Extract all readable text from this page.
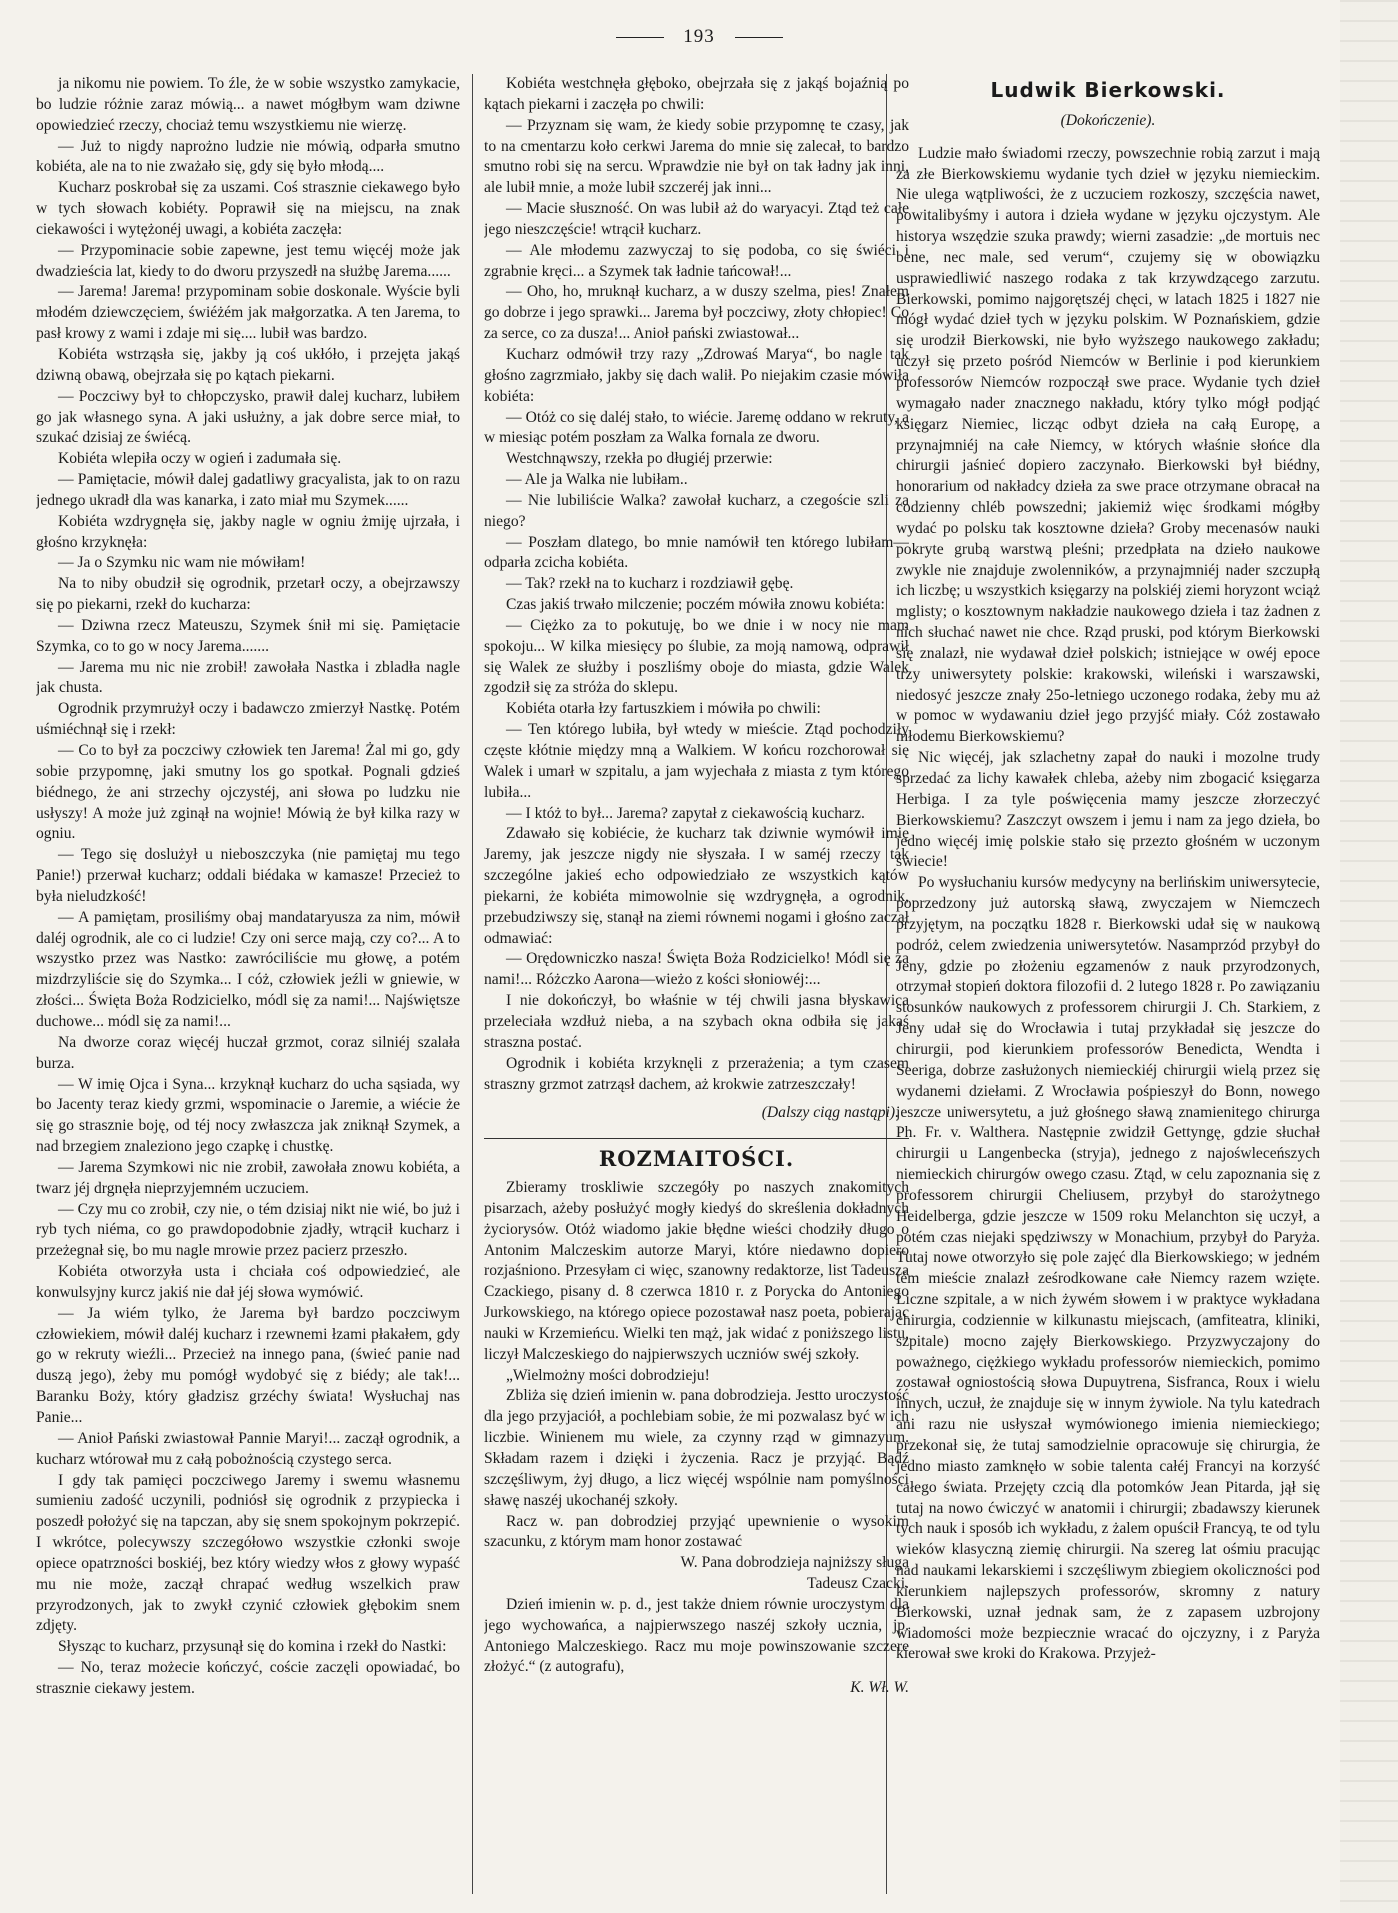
193

ja nikomu nie powiem. To źle, że w sobie wszystko zamykacie, bo ludzie różnie zaraz mówią... a nawet mógłbym wam dziwne opowiedzieć rzeczy, chociaż temu wszystkiemu nie wierzę.

— Już to nigdy naprożno ludzie nie mówią, odparła smutno kobiéta, ale na to nie zważało się, gdy się było młodą....

Kucharz poskrobał się za uszami. Coś strasznie ciekawego było w tych słowach kobiéty. Poprawił się na miejscu, na znak ciekawości i wytężonéj uwagi, a kobiéta zaczęła:

— Przypominacie sobie zapewne, jest temu więcéj może jak dwadzieścia lat, kiedy to do dworu przyszedł na służbę Jarema......

— Jarema! Jarema! przypominam sobie doskonale. Wyście byli młodém dziewczęciem, świéżém jak małgorzatka. A ten Jarema, to pasł krowy z wami i zdaje mi się.... lubił was bardzo.

Kobiéta wstrząsła się, jakby ją coś ukłóło, i przejęta jakąś dziwną obawą, obejrzała się po kątach piekarni.

— Poczciwy był to chłopczysko, prawił dalej kucharz, lubiłem go jak własnego syna. A jaki usłużny, a jak dobre serce miał, to szukać dzisiaj ze świécą.

Kobiéta wlepiła oczy w ogień i zadumała się.

— Pamiętacie, mówił dalej gadatliwy gracyalista, jak to on razu jednego ukradł dla was kanarka, i zato miał mu Szymek......

Kobiéta wzdrygnęła się, jakby nagle w ogniu żmiję ujrzała, i głośno krzyknęła:

— Ja o Szymku nic wam nie mówiłam!

Na to niby obudził się ogrodnik, przetarł oczy, a obejrzawszy się po piekarni, rzekł do kucharza:

— Dziwna rzecz Mateuszu, Szymek śnił mi się. Pamiętacie Szymka, co to go w nocy Jarema.......

— Jarema mu nic nie zrobił! zawołała Nastka i zbladła nagle jak chusta.

Ogrodnik przymrużył oczy i badawczo zmierzył Nastkę. Potém uśmiéchnął się i rzekł:

— Co to był za poczciwy człowiek ten Jarema! Żal mi go, gdy sobie przypomnę, jaki smutny los go spotkał. Pognali gdzieś biédnego, że ani strzechy ojczystéj, ani słowa po ludzku nie usłyszy! A może już zginął na wojnie! Mówią że był kilka razy w ogniu.

— Tego się doslużył u nieboszczyka (nie pamiętaj mu tego Panie!) przerwał kucharz; oddali biédaka w kamasze! Przecież to była nieludzkość!

— A pamiętam, prosiliśmy obaj mandataryusza za nim, mówił daléj ogrodnik, ale co ci ludzie! Czy oni serce mają, czy co?... A to wszystko przez was Nastko: zawróciliście mu głowę, a potém mizdrzyliście się do Szymka... I cóż, człowiek jeźli w gniewie, w złości... Święta Boża Rodzicielko, módl się za nami!... Najświętsze duchowe... módl się za nami!...

Na dworze coraz więcéj huczał grzmot, coraz silniéj szalała burza.

— W imię Ojca i Syna... krzyknął kucharz do ucha sąsiada, wy bo Jacenty teraz kiedy grzmi, wspominacie o Jaremie, a wiécie że się go strasznie boję, od téj nocy zwłaszcza jak zniknął Szymek, a nad brzegiem znaleziono jego czapkę i chustkę.

— Jarema Szymkowi nic nie zrobił, zawołała znowu kobiéta, a twarz jéj drgnęła nieprzyjemném uczuciem.

— Czy mu co zrobił, czy nie, o tém dzisiaj nikt nie wié, bo już i ryb tych niéma, co go prawdopodobnie zjadły, wtrącił kucharz i przeżegnał się, bo mu nagle mrowie przez pacierz przeszło.

Kobiéta otworzyła usta i chciała coś odpowiedzieć, ale konwulsyjny kurcz jakiś nie dał jéj słowa wymówić.

— Ja wiém tylko, że Jarema był bardzo poczciwym człowiekiem, mówił daléj kucharz i rzewnemi łzami płakałem, gdy go w rekruty wieźli... Przecież na innego pana, (świeć panie nad duszą jego), żeby mu pomógł wydobyć się z biédy; ale tak!... Baranku Boży, który gładzisz grzéchy świata! Wysłuchaj nas Panie...

— Anioł Pański zwiastował Pannie Maryi!... zaczął ogrodnik, a kucharz wtórował mu z całą pobożnością czystego serca.

I gdy tak pamięci poczciwego Jaremy i swemu własnemu sumieniu zadość uczynili, podniósł się ogrodnik z przypiecka i poszedł położyć się na tapczan, aby się snem spokojnym pokrzepić. I wkrótce, polecywszy szczegółowo wszystkie członki swoje opiece opatrzności boskiéj, bez który wiedzy włos z głowy wypaść mu nie może, zaczął chrapać według wszelkich praw przyrodzonych, jak to zwykł czynić człowiek głębokim snem zdjęty.

Słysząc to kucharz, przysunął się do komina i rzekł do Nastki:

— No, teraz możecie kończyć, coście zaczęli opowiadać, bo strasznie ciekawy jestem.

Kobiéta westchnęła głęboko, obejrzała się z jakąś bojaźnią po kątach piekarni i zaczęła po chwili:

— Przyznam się wam, że kiedy sobie przypomnę te czasy, jak to na cmentarzu koło cerkwi Jarema do mnie się zalecał, to bardzo smutno robi się na sercu. Wprawdzie nie był on tak ładny jak inni, ale lubił mnie, a może lubił szczeréj jak inni...

— Macie słuszność. On was lubił aż do waryacyi. Ztąd też całe jego nieszczęście! wtrącił kucharz.

— Ale młodemu zazwyczaj to się podoba, co się świéci i zgrabnie kręci... a Szymek tak ładnie tańcował!...

— Oho, ho, mruknął kucharz, a w duszy szelma, pies! Znałem go dobrze i jego sprawki... Jarema był poczciwy, złoty chłopiec! Co za serce, co za dusza!... Anioł pański zwiastował...

Kucharz odmówił trzy razy „Zdrowaś Marya“, bo nagle tak głośno zagrzmiało, jakby się dach walił. Po niejakim czasie mówiła kobiéta:

— Otóż co się daléj stało, to wiécie. Jaremę oddano w rekruty, a w miesiąc potém poszłam za Walka fornala ze dworu.

Westchnąwszy, rzekła po długiéj przerwie:

— Ale ja Walka nie lubiłam..

— Nie lubiliście Walka? zawołał kucharz, a czegoście szli za niego?

— Poszłam dlatego, bo mnie namówił ten którego lubiłam—odparła zcicha kobiéta.

— Tak? rzekł na to kucharz i rozdziawił gębę.

Czas jakiś trwało milczenie; poczém mówiła znowu kobiéta:

— Ciężko za to pokutuję, bo we dnie i w nocy nie mam spokoju... W kilka miesięcy po ślubie, za moją namową, odprawił się Walek ze służby i poszliśmy oboje do miasta, gdzie Walek zgodził się za stróża do sklepu.

Kobiéta otarła łzy fartuszkiem i mówiła po chwili:

— Ten którego lubiła, był wtedy w mieście. Ztąd pochodziły częste kłótnie między mną a Walkiem. W końcu rozchorował się Walek i umarł w szpitalu, a jam wyjechała z miasta z tym którego lubiła...

— I któż to był... Jarema? zapytał z ciekawością kucharz.

Zdawało się kobiécie, że kucharz tak dziwnie wymówił imię Jaremy, jak jeszcze nigdy nie słyszała. I w saméj rzeczy tak szczególne jakieś echo odpowiedziało ze wszystkich kątów piekarni, że kobiéta mimowolnie się wzdrygnęła, a ogrodnik, przebudziwszy się, stanął na ziemi równemi nogami i głośno zaczął odmawiać:

— Orędowniczko nasza! Święta Boża Rodzicielko! Módl się za nami!... Różczko Aarona—wieżo z kości słoniowéj:...

I nie dokończył, bo właśnie w téj chwili jasna błyskawica przeleciała wzdłuż nieba, a na szybach okna odbiła się jakaś straszna postać.

Ogrodnik i kobiéta krzyknęli z przerażenia; a tym czasem straszny grzmot zatrząsł dachem, aż krokwie zatrzeszczały!

(Dalszy ciąg nastąpi).
ROZMAITOŚCI.

Zbieramy troskliwie szczegóły po naszych znakomitych pisarzach, ażeby posłużyć mogły kiedyś do skreślenia dokładnych życiorysów. Otóż wiadomo jakie błędne wieści chodziły długo o Antonim Malczeskim autorze Maryi, które niedawno dopiero rozjaśniono. Przesyłam ci więc, szanowny redaktorze, list Tadeusza Czackiego, pisany d. 8 czerwca 1810 r. z Porycka do Antoniego Jurkowskiego, na którego opiece pozostawał nasz poeta, pobierając nauki w Krzemieńcu. Wielki ten mąż, jak widać z poniższego listu, liczył Malczeskiego do najpierwszych uczniów swéj szkoły.

„Wielmożny mości dobrodzieju!

Zbliża się dzień imienin w. pana dobrodzieja. Jestto uroczystość dla jego przyjaciół, a pochlebiam sobie, że mi pozwalasz być w ich liczbie. Winienem mu wiele, za czynny rząd w gimnazyum. Składam razem i dzięki i życzenia. Racz je przyjąć. Bądź szczęśliwym, żyj długo, a licz więcéj wspólnie nam pomyślności sławę naszéj ukochanéj szkoły.

Racz w. pan dobrodziej przyjąć upewnienie o wysokim szacunku, z którym mam honor zostawać

W. Pana dobrodzieja najniższy sługa

Tadeusz Czacki.

Dzień imienin w. p. d., jest także dniem równie uroczystym dla jego wychowańca, a najpierwszego naszéj szkoły ucznia, jp. Antoniego Malczeskiego. Racz mu moje powinszowanie szczere złożyć.“ (z autografu),

K. Wł. W.

Ludwik Bierkowski.
(Dokończenie).

Ludzie mało świadomi rzeczy, powszechnie robią zarzut i mają za złe Bierkowskiemu wydanie tych dzieł w języku niemieckim. Nie ulega wątpliwości, że z uczuciem rozkoszy, szczęścia nawet, powitalibyśmy i autora i dzieła wydane w języku ojczystym. Ale historya wszędzie szuka prawdy; wierni zasadzie: „de mortuis nec bene, nec male, sed verum“, czujemy się w obowiązku usprawiedliwić naszego rodaka z tak krzywdzącego zarzutu. Bierkowski, pomimo najgorętszéj chęci, w latach 1825 i 1827 nie mógł wydać dzieł tych w języku polskim. W Poznańskiem, gdzie się urodził Bierkowski, nie było wyższego naukowego zakładu; uczył się przeto pośród Niemców w Berlinie i pod kierunkiem professorów Niemców rozpoczął swe prace. Wydanie tych dzieł wymagało nader znacznego nakładu, który tylko mógł podjąć księgarz Niemiec, licząc odbyt dzieła na całą Europę, a przynajmniéj na całe Niemcy, w których właśnie słońce dla chirurgii jaśnieć dopiero zaczynało. Bierkowski był biédny, honorarium od nakładcy dzieła za swe prace otrzymane obracał na codzienny chléb powszedni; jakiemiż więc środkami mógłby wydać po polsku tak kosztowne dzieła? Groby mecenasów nauki pokryte grubą warstwą pleśni; przedpłata na dzieło naukowe zwykle nie znajduje zwolenników, a przynajmniéj nader szczupłą ich liczbę; u wszystkich księgarzy na polskiéj ziemi horyzont wciąż mglisty; o kosztownym nakładzie naukowego dzieła i taz żadnen z nich słuchać nawet nie chce. Rząd pruski, pod którym Bierkowski się znalazł, nie wydawał dzieł polskich; istniejące w owéj epoce trzy uniwersytety polskie: krakowski, wileński i warszawski, niedosyć jeszcze znały 25o-letniego uczonego rodaka, żeby mu aż w pomoc w wydawaniu dzieł jego przyjść miały. Cóż zostawało młodemu Bierkowskiemu?

Nic więcéj, jak szlachetny zapał do nauki i mozolne trudy sprzedać za lichy kawałek chleba, ażeby nim zbogacić księgarza Herbiga. I za tyle poświęcenia mamy jeszcze złorzeczyć Bierkowskiemu? Zaszczyt owszem i jemu i nam za jego dzieła, bo jedno więcéj imię polskie stało się przezto głośném w uczonym świecie!

Po wysłuchaniu kursów medycyny na berlińskim uniwersytecie, poprzedzony już autorską sławą, zwyczajem w Niemczech przyjętym, na początku 1828 r. Bierkowski udał się w naukową podróż, celem zwiedzenia uniwersytetów. Nasamprzód przybył do Jeny, gdzie po złożeniu egzamenów z nauk przyrodzonych, otrzymał stopień doktora filozofii d. 2 lutego 1828 r. Po zawiązaniu stosunków naukowych z professorem chirurgii J. Ch. Starkiem, z Jeny udał się do Wrocławia i tutaj przykładał się jeszcze do chirurgii, pod kierunkiem professorów Benedicta, Wendta i Seeriga, dobrze zasłużonych niemieckiéj chirurgii wielą przez się wydanemi dziełami. Z Wrocławia pośpieszył do Bonn, nowego jeszcze uniwersytetu, a już głośnego sławą znamienitego chirurga Ph. Fr. v. Walthera. Następnie zwidził Gettyngę, gdzie słuchał chirurgii u Langenbecka (stryja), jednego z najośwleceńszych niemieckich chirurgów owego czasu. Ztąd, w celu zapoznania się z professorem chirurgii Cheliusem, przybył do starożytnego Heidelberga, gdzie jeszcze w 1509 roku Melanchton się uczył, a potém czas niejaki spędziwszy w Monachium, przybył do Paryża. Tutaj nowe otworzyło się pole zajęć dla Bierkowskiego; w jedném tém mieście znalazł ześrodkowane całe Niemcy razem wzięte. Liczne szpitale, a w nich żywém słowem i w praktyce wykładana chirurgia, codziennie w kilkunastu miejscach, (amfiteatra, kliniki, szpitale) mocno zajęły Bierkowskiego. Przyzwyczajony do poważnego, ciężkiego wykładu professorów niemieckich, pomimo zostawał ogniostością słowa Dupuytrena, Sisfranca, Roux i wielu innych, uczuł, że znajduje się w innym żywiole. Na tylu katedrach ani razu nie usłyszał wymówionego imienia niemieckiego; przekonał się, że tutaj samodzielnie opracowuje się chirurgia, że jedno miasto zamknęło w sobie talenta całéj Francyi na korzyść całego świata. Przejęty czcią dla potomków Jean Pitarda, jął się tutaj na nowo ćwiczyć w anatomii i chirurgii; zbadawszy kierunek tych nauk i sposób ich wykładu, z żalem opuścił Francyą, te od tylu wieków klasyczną ziemię chirurgii. Na szereg lat ośmiu pracując nad naukami lekarskiemi i szczęśliwym zbiegiem okoliczności pod kierunkiem najlepszych professorów, skromny z natury Bierkowski, uznał jednak sam, że z zapasem uzbrojony wiadomości może bezpiecznie wracać do ojczyzny, i z Paryża kierował swe kroki do Krakowa. Przyjeż-
